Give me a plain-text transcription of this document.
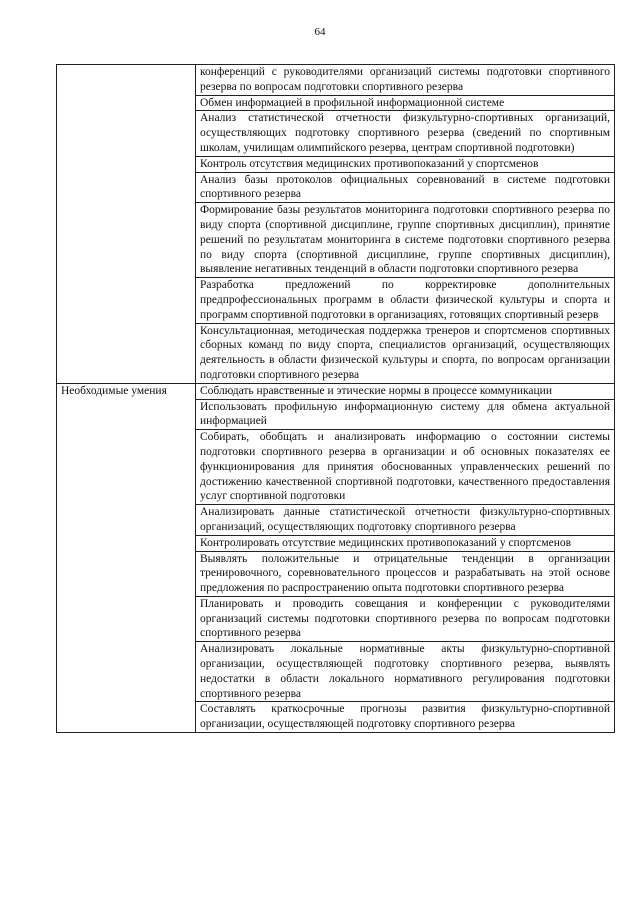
64
	конференций с руководителями организаций системы подготовки спортивного резерва по вопросам подготовки спортивного резерва
	Обмен информацией в профильной информационной системе
	Анализ статистической отчетности физкультурно-спортивных организаций, осуществляющих подготовку спортивного резерва (сведений по спортивным школам, училищам олимпийского резерва, центрам спортивной подготовки)
	Контроль отсутствия медицинских противопоказаний у спортсменов
	Анализ базы протоколов официальных соревнований в системе подготовки спортивного резерва
	Формирование базы результатов мониторинга подготовки спортивного резерва по виду спорта (спортивной дисциплине, группе спортивных дисциплин), принятие решений по результатам мониторинга в системе подготовки спортивного резерва по виду спорта (спортивной дисциплине, группе спортивных дисциплин), выявление негативных тенденций в области подготовки спортивного резерва
	Разработка предложений по корректировке дополнительных предпрофессиональных программ в области физической культуры и спорта и программ спортивной подготовки в организациях, готовящих спортивный резерв
	Консультационная, методическая поддержка тренеров и спортсменов спортивных сборных команд по виду спорта, специалистов организаций, осуществляющих деятельность в области физической культуры и спорта, по вопросам организации подготовки спортивного резерва
Необходимые умения	Соблюдать нравственные и этические нормы в процессе коммуникации
	Использовать профильную информационную систему для обмена актуальной информацией
	Собирать, обобщать и анализировать информацию о состоянии системы подготовки спортивного резерва в организации и об основных показателях ее функционирования для принятия обоснованных управленческих решений по достижению качественной спортивной подготовки, качественного предоставления услуг спортивной подготовки
	Анализировать данные статистической отчетности физкультурно-спортивных организаций, осуществляющих подготовку спортивного резерва
	Контролировать отсутствие медицинских противопоказаний у спортсменов
	Выявлять положительные и отрицательные тенденции в организации тренировочного, соревновательного процессов и разрабатывать на этой основе предложения по распространению опыта подготовки спортивного резерва
	Планировать и проводить совещания и конференции с руководителями организаций системы подготовки спортивного резерва по вопросам подготовки спортивного резерва
	Анализировать локальные нормативные акты физкультурно-спортивной организации, осуществляющей подготовку спортивного резерва, выявлять недостатки в области локального нормативного регулирования подготовки спортивного резерва
	Составлять краткосрочные прогнозы развития физкультурно-спортивной организации, осуществляющей подготовку спортивного резерва
